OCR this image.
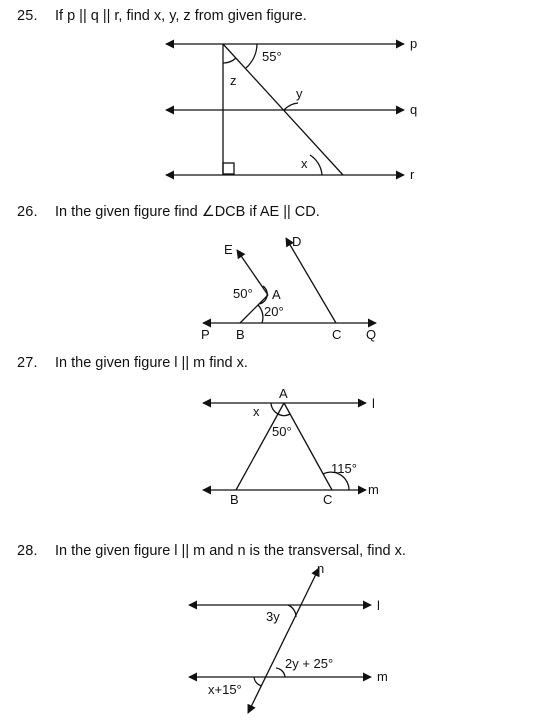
25. If p || q || r, find x, y, z from given figure.
55°
z
y
x
p
q
r
26. In the given figure find ∠DCB if AE || CD.
E
D
50° A
20°
P B	C Q
27. In the given figure l || m find x.
A
x
50°
l
115°
B	C
m
28. In the given figure l || m and n is the transversal, find x.
n
3y
l
2y + 25°
x+15°
m
